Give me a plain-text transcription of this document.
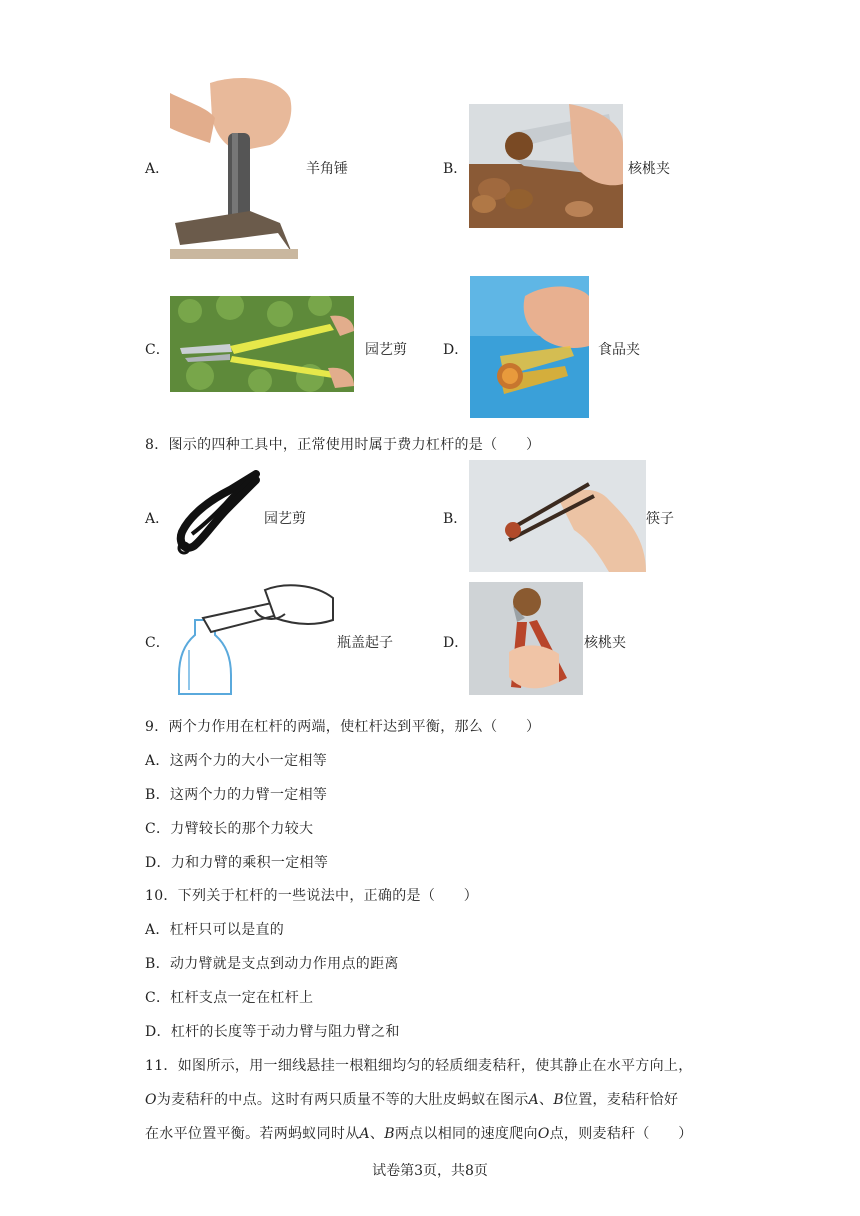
A．	羊角锤	B．	核桃夹
C．	园艺剪	D．	食品夹
8．图示的四种工具中，正常使用时属于费力杠杆的是（　　）
A．	园艺剪	B．	筷子
C．	瓶盖起子	D．	核桃夹
9．两个力作用在杠杆的两端，使杠杆达到平衡，那么（　　）
A．这两个力的大小一定相等
B．这两个力的力臂一定相等
C．力臂较长的那个力较大
D．力和力臂的乘积一定相等
10．下列关于杠杆的一些说法中，正确的是（　　）
A．杠杆只可以是直的
B．动力臂就是支点到动力作用点的距离
C．杠杆支点一定在杠杆上
D．杠杆的长度等于动力臂与阻力臂之和
11．如图所示，用一细线悬挂一根粗细均匀的轻质细麦秸秆，使其静止在水平方向上，
O为麦秸秆的中点。这时有两只质量不等的大肚皮蚂蚁在图示A、B位置，麦秸秆恰好
在水平位置平衡。若两蚂蚁同时从A、B两点以相同的速度爬向O点，则麦秸秆（　　）
试卷第3页，共8页
